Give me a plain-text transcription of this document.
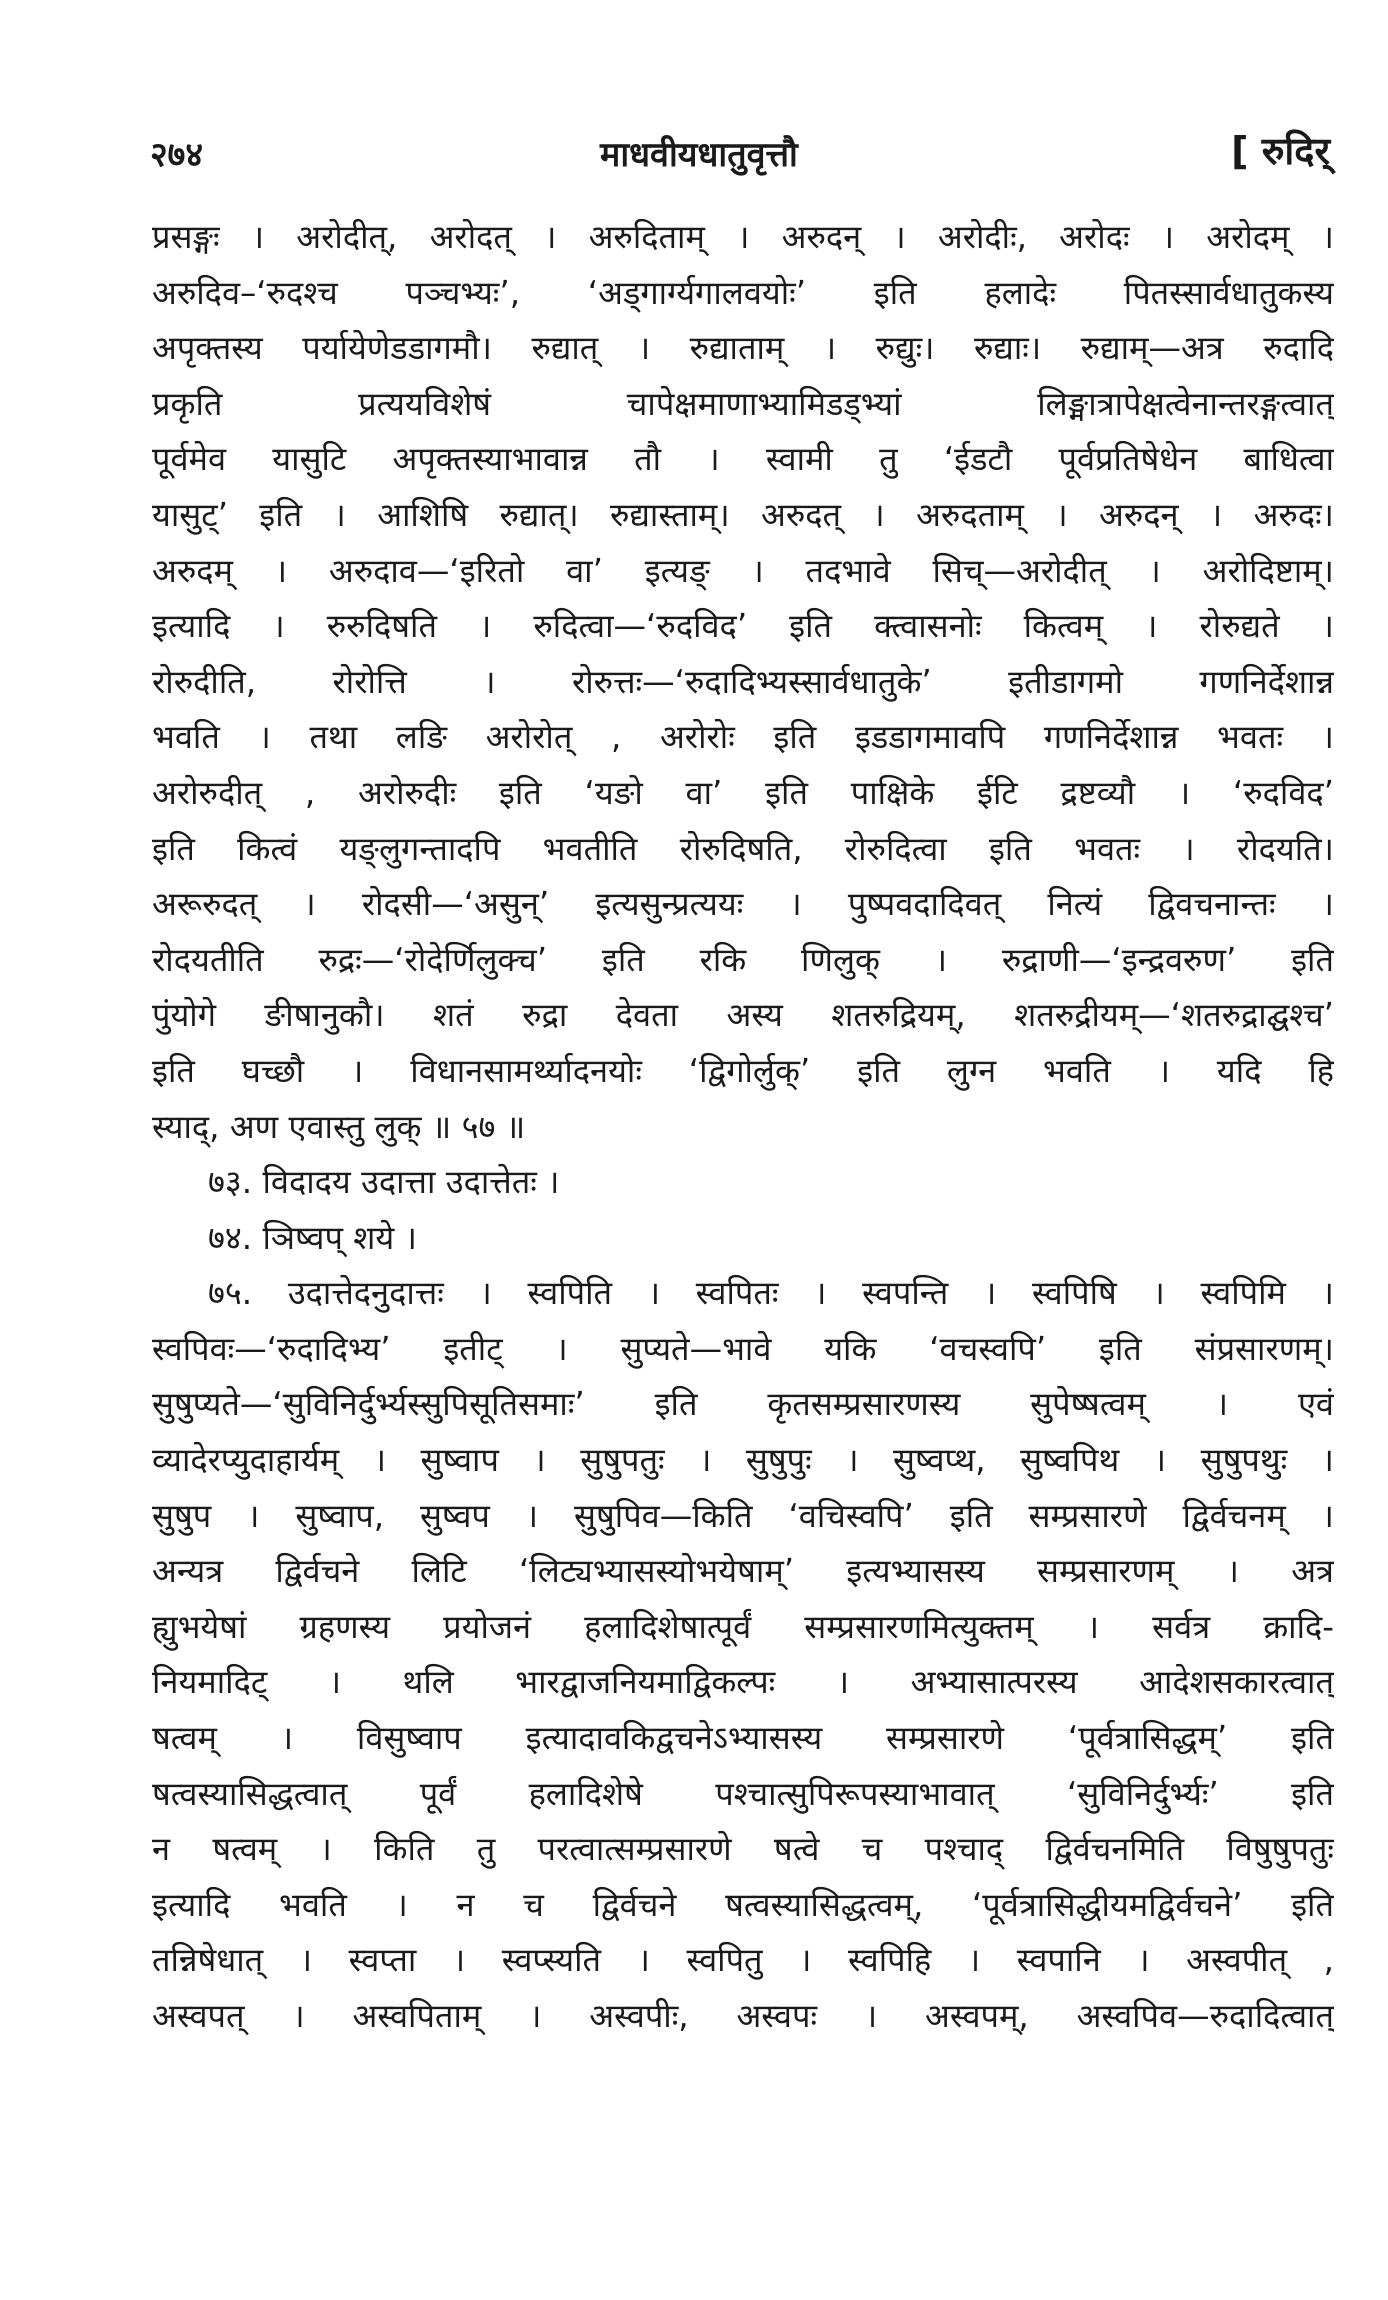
२७४	माधवीयधातुवृत्तौ	[ रुदिर्
प्रसङ्गः । अरोदीत्, अरोदत् । अरुदिताम् । अरुदन् । अरोदीः, अरोदः । अरोदम् ।
अरुदिव–‘रुदश्च पञ्चभ्यः’, ‘अड्गार्ग्यगालवयोः’ इति हलादेः पितस्सार्वधातुकस्य
अपृक्तस्य पर्यायेणेडडागमौ। रुद्यात् । रुद्याताम् । रुद्युः। रुद्याः। रुद्याम्—अत्र रुदादि
प्रकृति प्रत्ययविशेषं चापेक्षमाणाभ्यामिडड्भ्यां लिङ्मात्रापेक्षत्वेनान्तरङ्गत्वात्
पूर्वमेव यासुटि अपृक्तस्याभावान्न तौ । स्वामी तु ‘ईडटौ पूर्वप्रतिषेधेन बाधित्वा
यासुट्’ इति । आशिषि रुद्यात्। रुद्यास्ताम्। अरुदत् । अरुदताम् । अरुदन् । अरुदः।
अरुदम् । अरुदाव—‘इरितो वा’ इत्यङ् । तदभावे सिच्—अरोदीत् । अरोदिष्टाम्।
इत्यादि । रुरुदिषति । रुदित्वा—‘रुदविद’ इति क्त्वासनोः कित्वम् । रोरुद्यते ।
रोरुदीति, रोरोत्ति । रोरुत्तः—‘रुदादिभ्यस्सार्वधातुके’ इतीडागमो गणनिर्देशान्न
भवति । तथा लङि अरोरोत् , अरोरोः इति इडडागमावपि गणनिर्देशान्न भवतः ।
अरोरुदीत् , अरोरुदीः इति ‘यङो वा’ इति पाक्षिके ईटि द्रष्टव्यौ । ‘रुदविद’
इति कित्वं यङ्लुगन्तादपि भवतीति रोरुदिषति, रोरुदित्वा इति भवतः । रोदयति।
अरूरुदत् । रोदसी—‘असुन्’ इत्यसुन्प्रत्ययः । पुष्पवदादिवत् नित्यं द्विवचनान्तः ।
रोदयतीति रुद्रः—‘रोदेर्णिलुक्च’ इति रकि णिलुक् । रुद्राणी—‘इन्द्रवरुण’ इति
पुंयोगे ङीषानुकौ। शतं रुद्रा देवता अस्य शतरुद्रियम्, शतरुद्रीयम्—‘शतरुद्राद्घश्च’
इति घच्छौ । विधानसामर्थ्यादनयोः ‘द्विगोर्लुक्’ इति लुग्न भवति । यदि हि
स्याद्, अण एवास्तु लुक् ॥ ५७ ॥
७३. विदादय उदात्ता उदात्तेतः ।
७४. ञिष्वप् शये ।
७५. उदात्तेदनुदात्तः । स्वपिति । स्वपितः । स्वपन्ति । स्वपिषि । स्वपिमि ।
स्वपिवः—‘रुदादिभ्य’ इतीट् । सुप्यते—भावे यकि ‘वचस्वपि’ इति संप्रसारणम्।
सुषुप्यते—‘सुविनिर्दुर्भ्यस्सुपिसूतिसमाः’ इति कृतसम्प्रसारणस्य सुपेष्षत्वम् । एवं
व्यादेरप्युदाहार्यम् । सुष्वाप । सुषुपतुः । सुषुपुः । सुष्वप्थ, सुष्वपिथ । सुषुपथुः ।
सुषुप । सुष्वाप, सुष्वप । सुषुपिव—किति ‘वचिस्वपि’ इति सम्प्रसारणे द्विर्वचनम् ।
अन्यत्र द्विर्वचने लिटि ‘लिट्यभ्यासस्योभयेषाम्’ इत्यभ्यासस्य सम्प्रसारणम् । अत्र
ह्युभयेषां ग्रहणस्य प्रयोजनं हलादिशेषात्पूर्वं सम्प्रसारणमित्युक्तम् । सर्वत्र क्रादि-
नियमादिट् । थलि भारद्वाजनियमाद्विकल्पः । अभ्यासात्परस्य आदेशसकारत्वात्
षत्वम् । विसुष्वाप इत्यादावकिद्वचनेऽभ्यासस्य सम्प्रसारणे ‘पूर्वत्रासिद्धम्’ इति
षत्वस्यासिद्धत्वात् पूर्वं हलादिशेषे पश्चात्सुपिरूपस्याभावात् ‘सुविनिर्दुर्भ्यः’ इति
न षत्वम् । किति तु परत्वात्सम्प्रसारणे षत्वे च पश्चाद् द्विर्वचनमिति विषुषुपतुः
इत्यादि भवति । न च द्विर्वचने षत्वस्यासिद्धत्वम्, ‘पूर्वत्रासिद्धीयमद्विर्वचने’ इति
तन्निषेधात् । स्वप्ता । स्वप्स्यति । स्वपितु । स्वपिहि । स्वपानि । अस्वपीत् ,
अस्वपत् । अस्वपिताम् । अस्वपीः, अस्वपः । अस्वपम्, अस्वपिव—रुदादित्वात्
